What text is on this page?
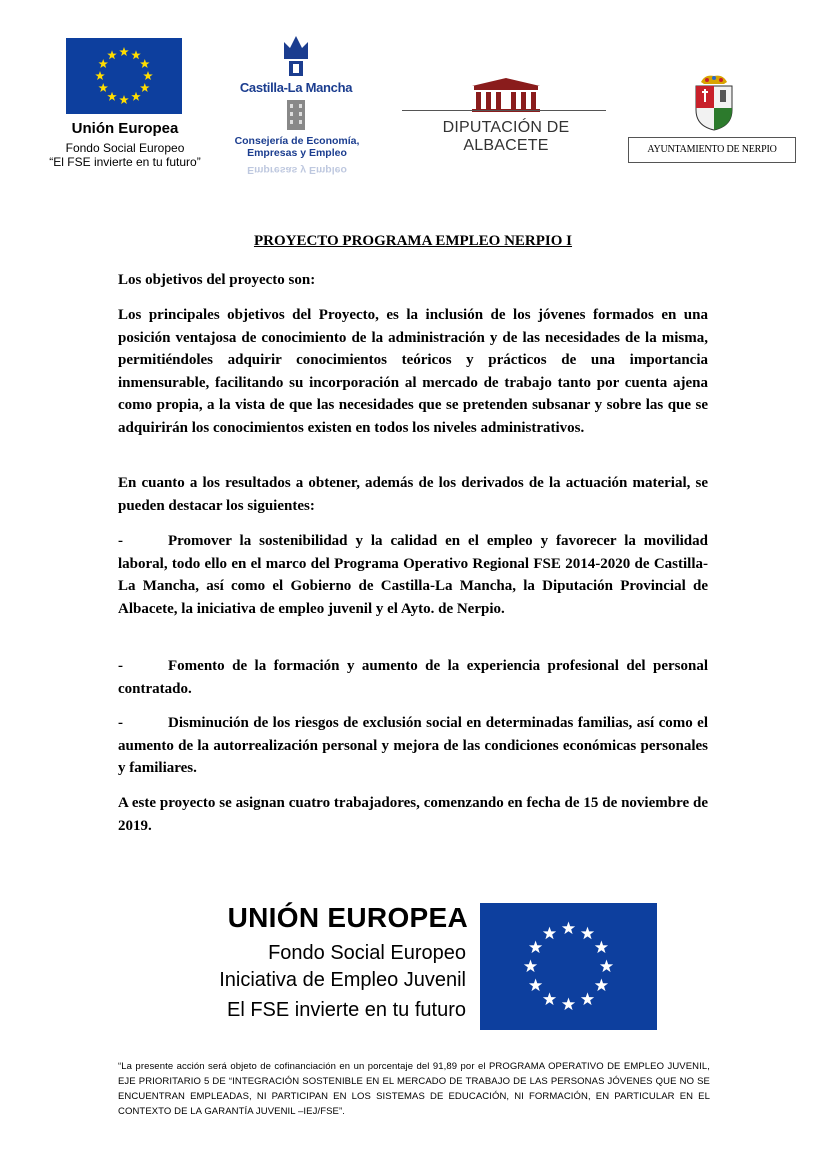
Unión Europea
Fondo Social Europeo
“El FSE invierte en tu futuro”
Castilla-La Mancha
Consejería de Economía,
Empresas y Empleo
Empresas y Empleo
DIPUTACIÓN DE ALBACETE	AYUNTAMIENTO DE NERPIO
PROYECTO PROGRAMA EMPLEO NERPIO I

Los objetivos del proyecto son:

Los principales objetivos del Proyecto, es la inclusión de los jóvenes formados en una posición ventajosa de conocimiento de la administración y de las necesidades de la misma, permitiéndoles adquirir conocimientos teóricos y prácticos de una importancia inmensurable, facilitando su incorporación al mercado de trabajo tanto por cuenta ajena como propia, a la vista de que las necesidades que se pretenden subsanar y sobre las que se adquirirán los conocimientos existen en todos los niveles administrativos.

En cuanto a los resultados a obtener, además de los derivados de la actuación material, se pueden destacar los siguientes:

-	Promover la sostenibilidad y la calidad en el empleo y favorecer la movilidad laboral, todo ello en el marco del Programa Operativo Regional FSE 2014-2020 de Castilla-La Mancha, así como el Gobierno de Castilla-La Mancha, la Diputación Provincial de Albacete, la iniciativa de empleo juvenil y el Ayto. de Nerpio.

-	Fomento de la formación y aumento de la experiencia profesional del personal contratado.

-	Disminución de los riesgos de exclusión social en determinadas familias, así como el aumento de la autorrealización personal y mejora de las condiciones económicas personales y familiares.

A este proyecto se asignan cuatro trabajadores, comenzando en fecha de 15 de noviembre de 2019.

UNIÓN EUROPEA
Fondo Social Europeo
Iniciativa de Empleo Juvenil
El FSE invierte en tu futuro

“La presente acción será objeto de cofinanciación en un porcentaje del 91,89 por el PROGRAMA OPERATIVO DE EMPLEO JUVENIL, EJE PRIORITARIO 5 DE “INTEGRACIÓN SOSTENIBLE EN EL MERCADO DE TRABAJO DE LAS PERSONAS JÓVENES QUE NO SE ENCUENTRAN EMPLEADAS, NI PARTICIPAN EN LOS SISTEMAS DE EDUCACIÓN, NI FORMACIÓN, EN PARTICULAR EN EL CONTEXTO DE LA GARANTÍA JUVENIL –IEJ/FSE”.
